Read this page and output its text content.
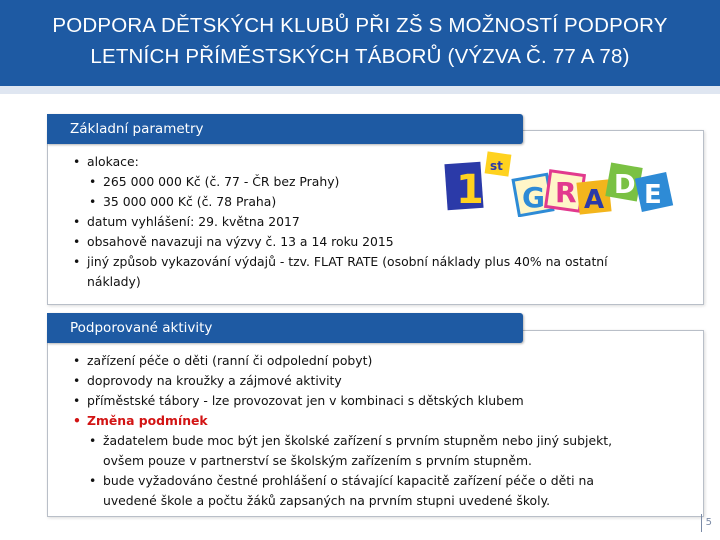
PODPORA DĚTSKÝCH KLUBŮ PŘI ZŠ S MOŽNOSTÍ PODPORY
LETNÍCH PŘÍMĚSTSKÝCH TÁBORŮ (VÝZVA Č. 77 A 78)
Základní parametry
• alokace:
• 265 000 000 Kč (č. 77 - ČR bez Prahy)
• 35 000 000 Kč (č. 78 Praha)
• datum vyhlášení: 29. května 2017
• obsahově navazuji na výzvy č. 13 a 14 roku 2015
• jiný způsob vykazování výdajů - tzv. FLAT RATE (osobní náklady plus 40% na ostatní
náklady)
1
st
G R A D E
Podporované aktivity
• zařízení péče o děti (ranní či odpolední pobyt)
• doprovody na kroužky a zájmové aktivity
• příměstské tábory - lze provozovat jen v kombinaci s dětských klubem
• Změna podmínek
• žadatelem bude moc být jen školské zařízení s prvním stupněm nebo jiný subjekt,
ovšem pouze v partnerství se školským zařízením s prvním stupněm.
• bude vyžadováno čestné prohlášení o stávající kapacitě zařízení péče o děti na
uvedené škole a počtu žáků zapsaných na prvním stupni uvedené školy.
5
